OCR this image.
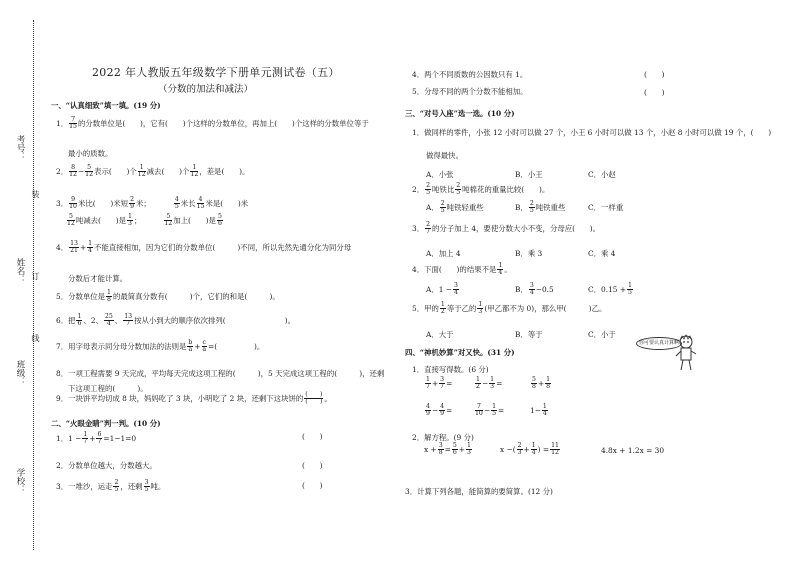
考号：
装
姓名： 订
线
班级：
学校：
2022 年人教版五年级数学下册单元测试卷（五）
（分数的加法和减法）
一、“认真细致”填一填。(19 分)
1． $\frac{7}{15}$ 的分数单位是(　　)，它有(　　)个这样的分数单位，再加上(　　)个这样的分数单位等于
最小的质数。
2． $\frac{8}{12} - \frac{5}{12}$ 表示(　　)个 $\frac{1}{12}$ 减去(　　)个 $\frac{1}{12}$ ，差是(　　)。
3． $\frac{9}{10}$ 米比(　　)米短 $\frac{2}{9}$ 米；	$\frac{4}{5}$ 米长 $\frac{4}{15}$ 米是(　　)米
$\frac{5}{12}$ 吨减去(　　)是 $\frac{1}{3}$ ；	$\frac{5}{12}$ 加上(　　)是 $\frac{5}{6}$
4． $\frac{13}{21} + \frac{1}{4}$ 不能直接相加，因为它们的分数单位(　　　)不同，所以先然先通分化为同分母
分数后才能计算。
5．分数单位是 $\frac{1}{8}$ 的最简真分数有(　　　)个，它们的和是(　　　)。
6．把 $\frac{1}{6}$ 、2、 $\frac{25}{4}$ 、 $\frac{13}{7}$ 按从小到大的顺序依次排列(　　　　　　　　)。
7．用字母表示同分母分数加法的法则是 $\frac{b}{a} + \frac{c}{a}$ =(　　　　　)。
8．一项工程需要 9 天完成，平均每天完成这项工程的(　　　)，5 天完成这项工程的(　　　)，还剩
下这项工程的(　　　)。
9．一块饼平均切成 8 块，妈妈吃了 3 块，小明吃了 2 块，还剩下这块饼的 $\frac{( )}{( )}$ 。
二、“火眼金睛”判一判。(10 分)
1．$1 - \frac{1}{7} + \frac{6}{7} =1-1=0$	(　　)
2．分数单位越大，分数越大。	(　　)
3．一堆沙，运走 $\frac{2}{5}$ ，还剩 $\frac{3}{5}$ 吨。	(　　)
4．两个不同质数的公因数只有 1。	(　　)
5．分母不同的两个分数不能相加。	(　　)
三、“对号入座”选一选。(10 分)
1．做同样的零件，小张 12 小时可以做 27 个，小王 6 小时可以做 13 个，小赵 8 小时可以做 19 个，(　　)
做得最快。
A．小张	B．小王	C．小赵
2． $\frac{2}{5}$ 吨铁比 $\frac{2}{5}$ 吨棉花的重量比较(　　)。
A． $\frac{2}{5}$ 吨铁轻重些	B． $\frac{2}{5}$ 吨铁重些	C．一样重
3． $\frac{2}{7}$ 的分子加上 4，要使分数大小不变，分母应(　　)。
A．加上 4	B．乘 3	C．乘 4
4．下面(　　)的结果不是 $\frac{1}{4}$ 。
A．$1 - \frac{3}{4}$	B． $\frac{3}{4} -0.5$	C．$0.15 + \frac{1}{5}$
5．甲的 $\frac{1}{2}$ 等于乙的 $\frac{1}{3}$ (甲乙都不为 0)，那么甲(　　　)乙。
A．大于	B．等于	C．小于
四、“神机妙算”对又快。(31 分)
你可要认真计算啊
1．直接写得数。(6 分)
$\frac{1}{7} + \frac{3}{7}$ =	$\frac{1}{2} - \frac{1}{3}$ =	$\frac{5}{8} + \frac{1}{8}$
$\frac{4}{9} - \frac{4}{9}$ =	$\frac{7}{10} - \frac{1}{5}$ =	$1- \frac{1}{4}$
2．解方程。(9 分)
$x + \frac{3}{8} = \frac{5}{6} + \frac{1}{3}$	x −( $\frac{2}{3} + \frac{1}{4}$ ) = $\frac{11}{12}$	4.8x + 1.2x = 30
3．计算下列各题，能简算的要简算。(12 分)
